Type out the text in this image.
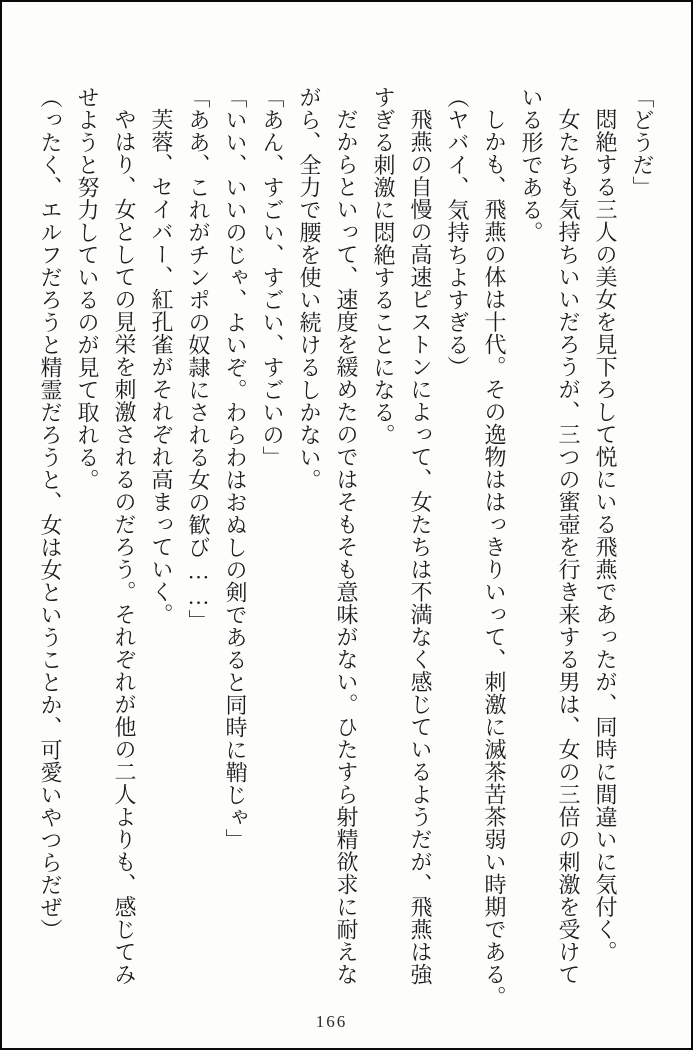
「どうだ」

悶絶する三人の美女を見下ろして悦にいる飛燕であったが、同時に間違いに気付く。

女たちも気持ちいいだろうが、三つの蜜壺を行き来する男は、女の三倍の刺激を受けて

いる形である。

しかも、飛燕の体は十代。その逸物ははっきりいって、刺激に滅茶苦茶弱い時期である。

（ヤバイ、気持ちよすぎる）

飛燕の自慢の高速ピストンによって、女たちは不満なく感じているようだが、飛燕は強

すぎる刺激に悶絶することになる。

だからといって、速度を緩めたのではそもそも意味がない。ひたすら射精欲求に耐えな

がら、全力で腰を使い続けるしかない。

「あん、すごい、すごい、すごいの」

「いい、いいのじゃ、よいぞ。わらわはおぬしの剣であると同時に鞘じゃ」

「ああ、これがチンポの奴隷にされる女の歓び……」

芙蓉、セイバー、紅孔雀がそれぞれ高まっていく。

やはり、女としての見栄を刺激されるのだろう。それぞれが他の二人よりも、感じてみ

せようと努力しているのが見て取れる。

（ったく、エルフだろうと精霊だろうと、女は女ということか、可愛いやつらだぜ）

166
